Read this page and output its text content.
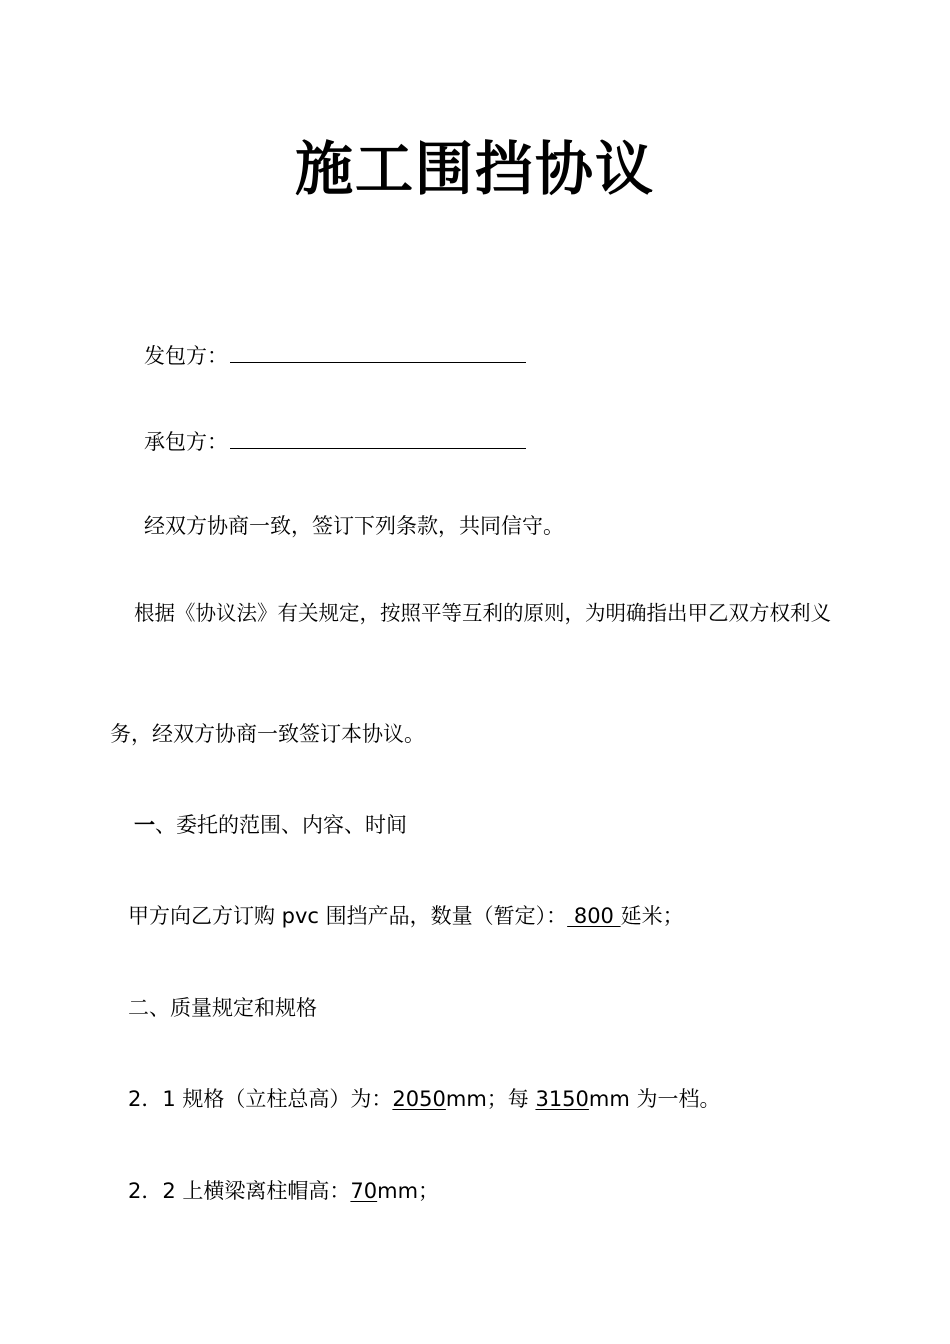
施工围挡协议
发包方：
承包方：
经双方协商一致，签订下列条款，共同信守。
根据《协议法》有关规定，按照平等互利的原则，为明确指出甲乙双方权利义
务，经双方协商一致签订本协议。
一、委托的范围、内容、时间
甲方向乙方订购 pvc 围挡产品，数量（暂定）： 800 延米；
二、质量规定和规格
2．1 规格（立柱总高）为：2050mm；每 3150mm 为一档。
2．2 上横梁离柱帽高：70mm；
